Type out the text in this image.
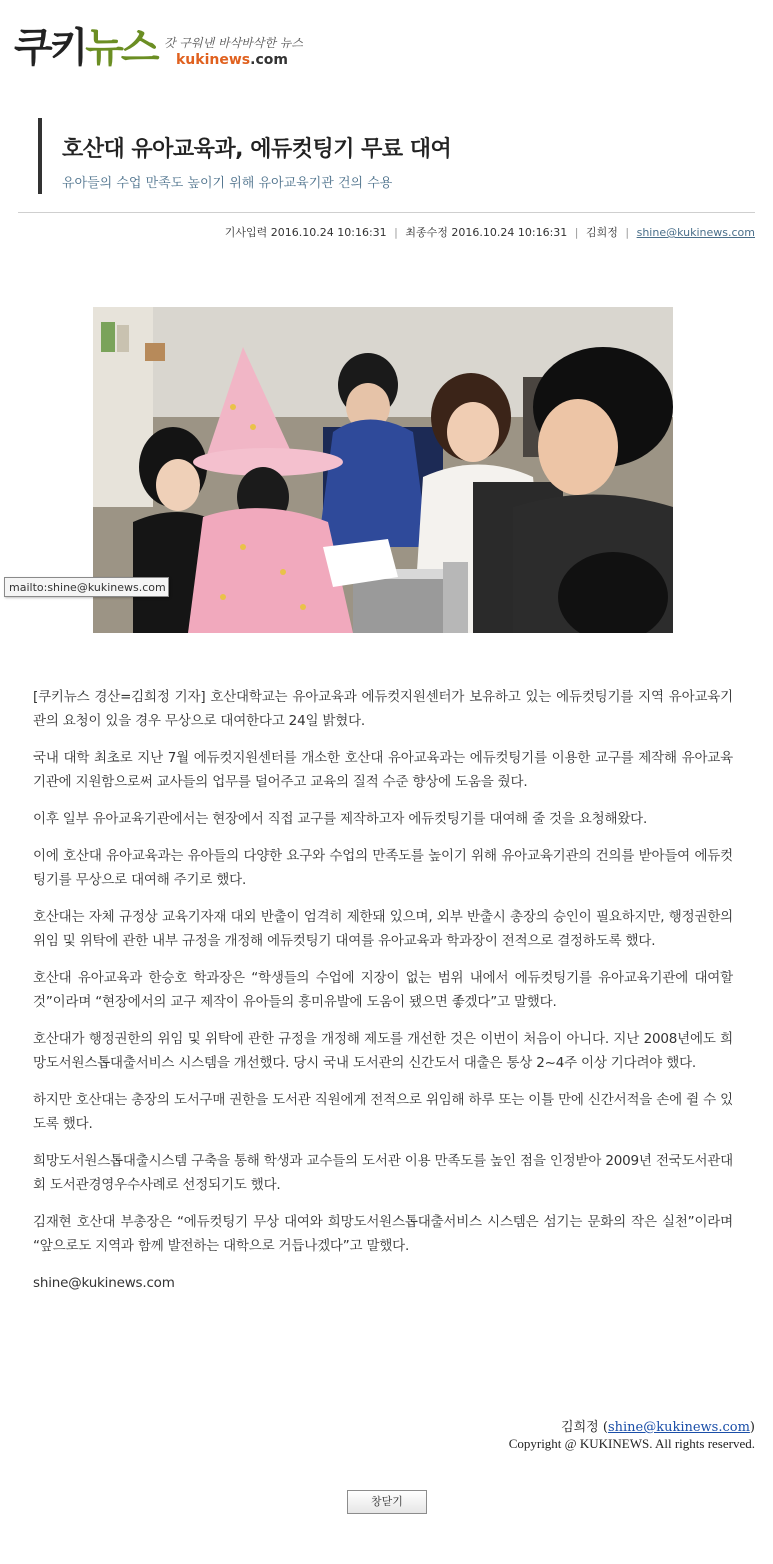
쿠키뉴스 갓 구워낸 바삭바삭한 뉴스
kukinews.com
호산대 유아교육과, 에듀컷팅기 무료 대여
유아들의 수업 만족도 높이기 위해 유아교육기관 건의 수용
기사입력 2016.10.24 10:16:31 | 최종수정 2016.10.24 10:16:31 | 김희정 | shine@kukinews.com
mailto:shine@kukinews.com

[쿠키뉴스 경산=김희정 기자] 호산대학교는 유아교육과 에듀컷지원센터가 보유하고 있는 에듀컷팅기를 지역 유아교육기관의 요청이 있을 경우 무상으로 대여한다고 24일 밝혔다.

국내 대학 최초로 지난 7월 에듀컷지원센터를 개소한 호산대 유아교육과는 에듀컷팅기를 이용한 교구를 제작해 유아교육기관에 지원함으로써 교사들의 업무를 덜어주고 교육의 질적 수준 향상에 도움을 줬다.

이후 일부 유아교육기관에서는 현장에서 직접 교구를 제작하고자 에듀컷팅기를 대여해 줄 것을 요청해왔다.

이에 호산대 유아교육과는 유아들의 다양한 요구와 수업의 만족도를 높이기 위해 유아교육기관의 건의를 받아들여 에듀컷팅기를 무상으로 대여해 주기로 했다.

호산대는 자체 규정상 교육기자재 대외 반출이 엄격히 제한돼 있으며, 외부 반출시 총장의 승인이 필요하지만, 행정권한의 위임 및 위탁에 관한 내부 규정을 개정해 에듀컷팅기 대여를 유아교육과 학과장이 전적으로 결정하도록 했다.

호산대 유아교육과 한승호 학과장은 “학생들의 수업에 지장이 없는 범위 내에서 에듀컷팅기를 유아교육기관에 대여할 것”이라며 “현장에서의 교구 제작이 유아들의 흥미유발에 도움이 됐으면 좋겠다”고 말했다.

호산대가 행정권한의 위임 및 위탁에 관한 규정을 개정해 제도를 개선한 것은 이번이 처음이 아니다. 지난 2008년에도 희망도서원스톱대출서비스 시스템을 개선했다. 당시 국내 도서관의 신간도서 대출은 통상 2~4주 이상 기다려야 했다.

하지만 호산대는 총장의 도서구매 권한을 도서관 직원에게 전적으로 위임해 하루 또는 이틀 만에 신간서적을 손에 쥘 수 있도록 했다.

희망도서원스톱대출시스템 구축을 통해 학생과 교수들의 도서관 이용 만족도를 높인 점을 인정받아 2009년 전국도서관대회 도서관경영우수사례로 선정되기도 했다.

김재현 호산대 부총장은 “에듀컷팅기 무상 대여와 희망도서원스톱대출서비스 시스템은 섬기는 문화의 작은 실천”이라며 “앞으로도 지역과 함께 발전하는 대학으로 거듭나겠다”고 말했다.

shine@kukinews.com

김희정 (shine@kukinews.com)
Copyright @ KUKINEWS. All rights reserved.
창닫기
